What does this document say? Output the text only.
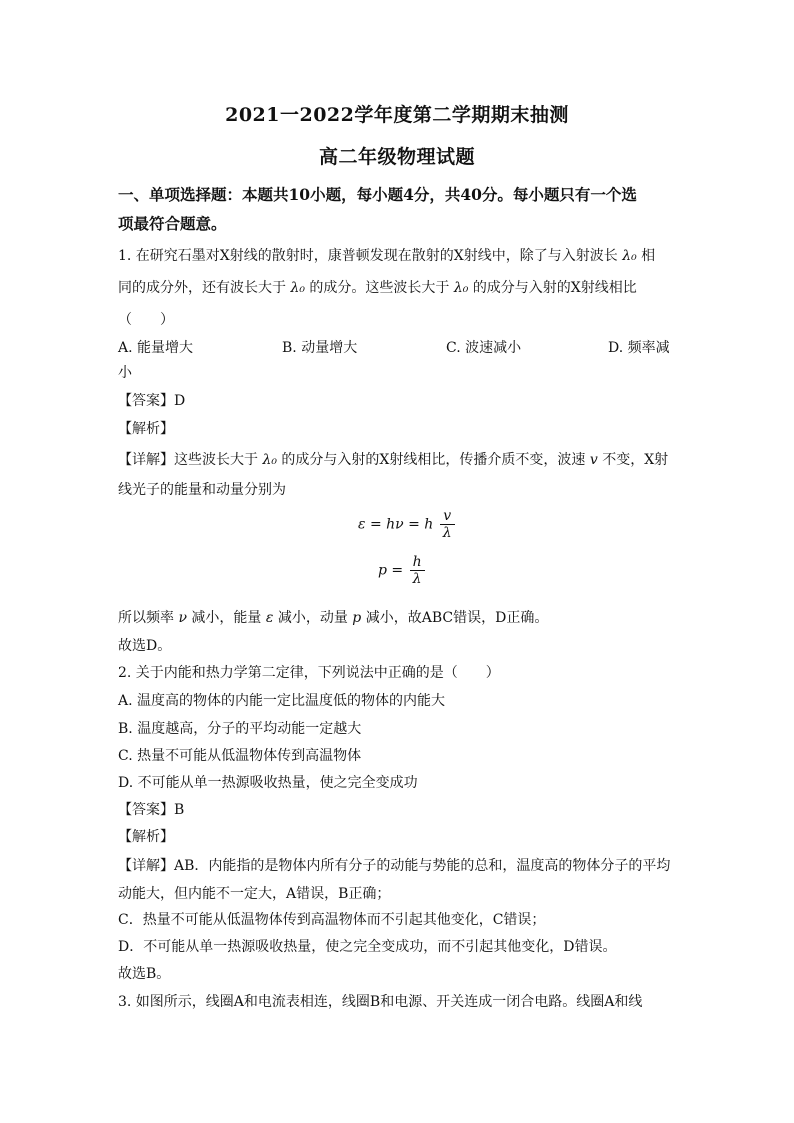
2021一2022学年度第二学期期末抽测
高二年级物理试题
一、单项选择题：本题共10小题，每小题4分，共40分。每小题只有一个选
项最符合题意。
1. 在研究石墨对X射线的散射时，康普顿发现在散射的X射线中，除了与入射波长 λ₀ 相
同的成分外，还有波长大于 λ₀ 的成分。这些波长大于 λ₀ 的成分与入射的X射线相比
（　　）
A. 能量增大	B. 动量增大	C. 波速减小	D. 频率减
小
【答案】D
【解析】
【详解】这些波长大于 λ₀ 的成分与入射的X射线相比，传播介质不变，波速 v 不变，X射
线光子的能量和动量分别为
ε = hν = h $\frac{v}{\lambda}$
$p = \frac{h}{\lambda}$
所以频率 ν 减小，能量 ε 减小，动量 p 减小，故ABC错误，D正确。
故选D。
2. 关于内能和热力学第二定律，下列说法中正确的是（　　）
A. 温度高的物体的内能一定比温度低的物体的内能大
B. 温度越高，分子的平均动能一定越大
C. 热量不可能从低温物体传到高温物体
D. 不可能从单一热源吸收热量，使之完全变成功
【答案】B
【解析】
【详解】AB．内能指的是物体内所有分子的动能与势能的总和，温度高的物体分子的平均
动能大，但内能不一定大，A错误，B正确；
C．热量不可能从低温物体传到高温物体而不引起其他变化，C错误；
D．不可能从单一热源吸收热量，使之完全变成功，而不引起其他变化，D错误。
故选B。
3. 如图所示，线圈A和电流表相连，线圈B和电源、开关连成一闭合电路。线圈A和线
